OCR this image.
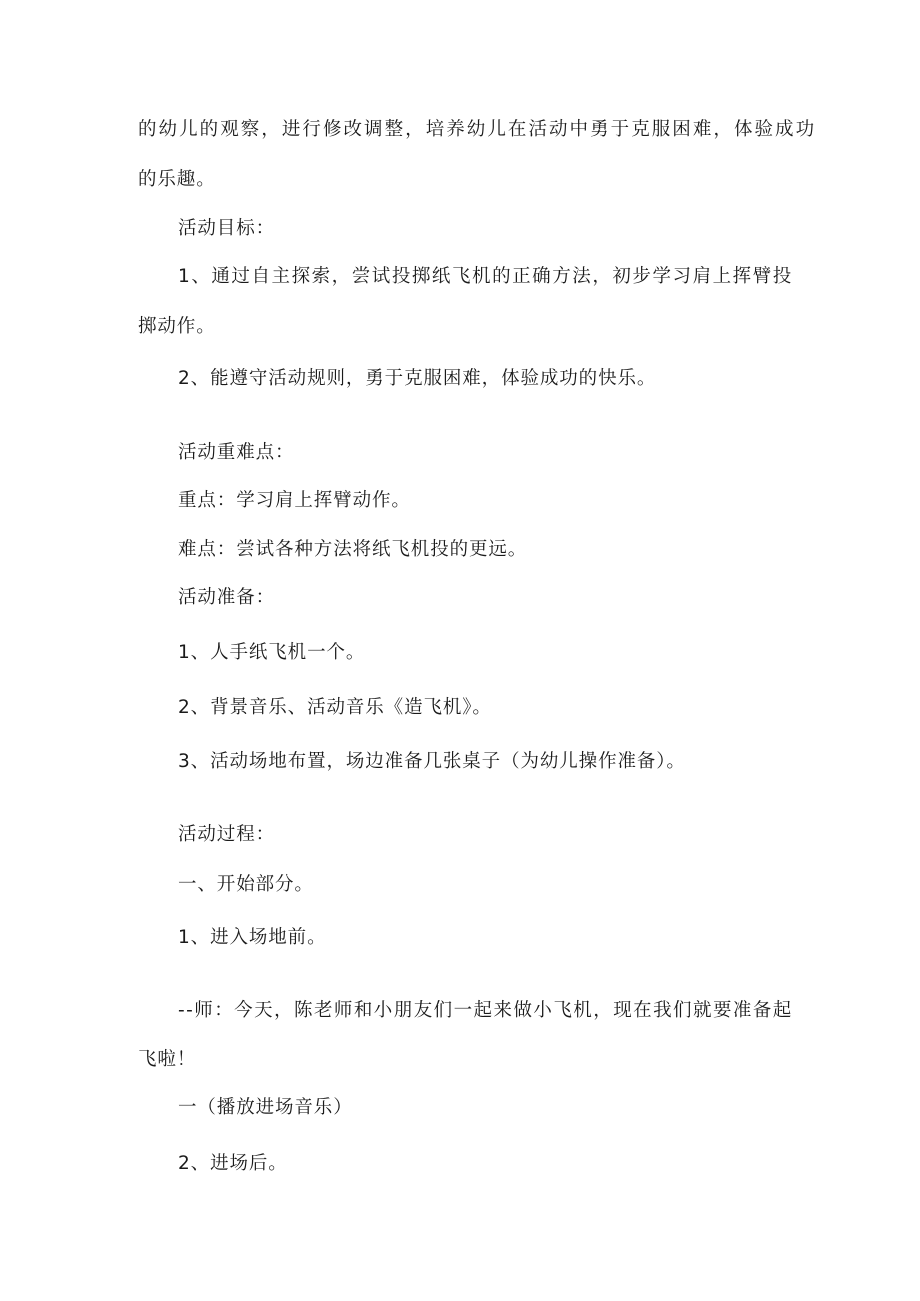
的幼儿的观察，进行修改调整，培养幼儿在活动中勇于克服困难，体验成功

的乐趣。

活动目标：

1、通过自主探索，尝试投掷纸飞机的正确方法，初步学习肩上挥臂投

掷动作。

2、能遵守活动规则，勇于克服困难，体验成功的快乐。

活动重难点：

重点：学习肩上挥臂动作。

难点：尝试各种方法将纸飞机投的更远。

活动准备：

1、人手纸飞机一个。

2、背景音乐、活动音乐《造飞机》。

3、活动场地布置，场边准备几张桌子（为幼儿操作准备）。

活动过程：

一、开始部分。

1、进入场地前。

--师：今天，陈老师和小朋友们一起来做小飞机，现在我们就要准备起

飞啦！

一（播放进场音乐）

2、进场后。
